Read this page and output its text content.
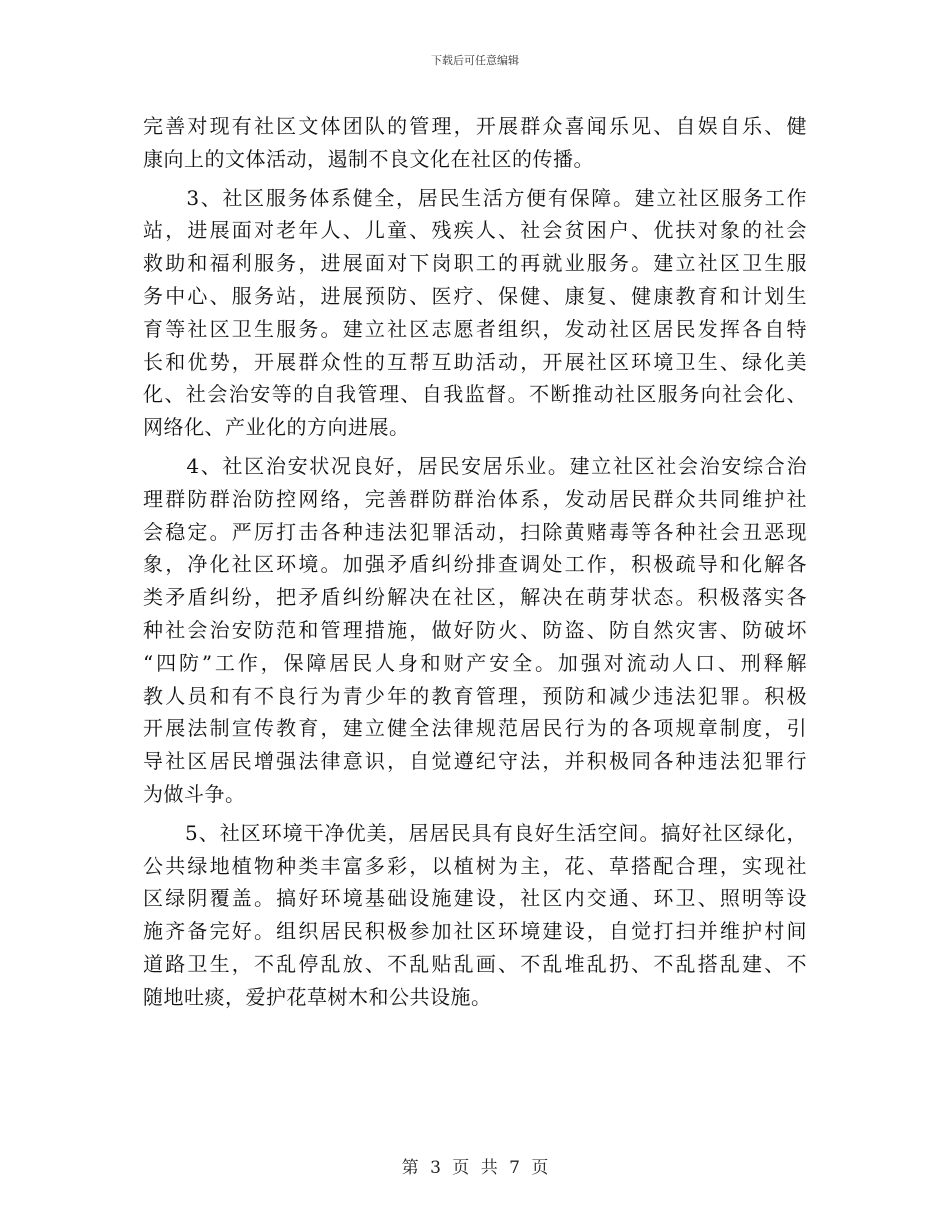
下载后可任意编辑
完善对现有社区文体团队的管理，开展群众喜闻乐见、自娱自乐、健
康向上的文体活动，遏制不良文化在社区的传播。
　　3、社区服务体系健全，居民生活方便有保障。建立社区服务工作
站，进展面对老年人、儿童、残疾人、社会贫困户、优扶对象的社会
救助和福利服务，进展面对下岗职工的再就业服务。建立社区卫生服
务中心、服务站，进展预防、医疗、保健、康复、健康教育和计划生
育等社区卫生服务。建立社区志愿者组织，发动社区居民发挥各自特
长和优势，开展群众性的互帮互助活动，开展社区环境卫生、绿化美
化、社会治安等的自我管理、自我监督。不断推动社区服务向社会化、
网络化、产业化的方向进展。
　　4、社区治安状况良好，居民安居乐业。建立社区社会治安综合治
理群防群治防控网络，完善群防群治体系，发动居民群众共同维护社
会稳定。严厉打击各种违法犯罪活动，扫除黄赌毒等各种社会丑恶现
象，净化社区环境。加强矛盾纠纷排查调处工作，积极疏导和化解各
类矛盾纠纷，把矛盾纠纷解决在社区，解决在萌芽状态。积极落实各
种社会治安防范和管理措施，做好防火、防盗、防自然灾害、防破坏
“四防”工作，保障居民人身和财产安全。加强对流动人口、刑释解
教人员和有不良行为青少年的教育管理，预防和减少违法犯罪。积极
开展法制宣传教育，建立健全法律规范居民行为的各项规章制度，引
导社区居民增强法律意识，自觉遵纪守法，并积极同各种违法犯罪行
为做斗争。
　　5、社区环境干净优美，居居民具有良好生活空间。搞好社区绿化，
公共绿地植物种类丰富多彩，以植树为主，花、草搭配合理，实现社
区绿阴覆盖。搞好环境基础设施建设，社区内交通、环卫、照明等设
施齐备完好。组织居民积极参加社区环境建设，自觉打扫并维护村间
道路卫生，不乱停乱放、不乱贴乱画、不乱堆乱扔、不乱搭乱建、不
随地吐痰，爱护花草树木和公共设施。
第 3 页 共 7 页
